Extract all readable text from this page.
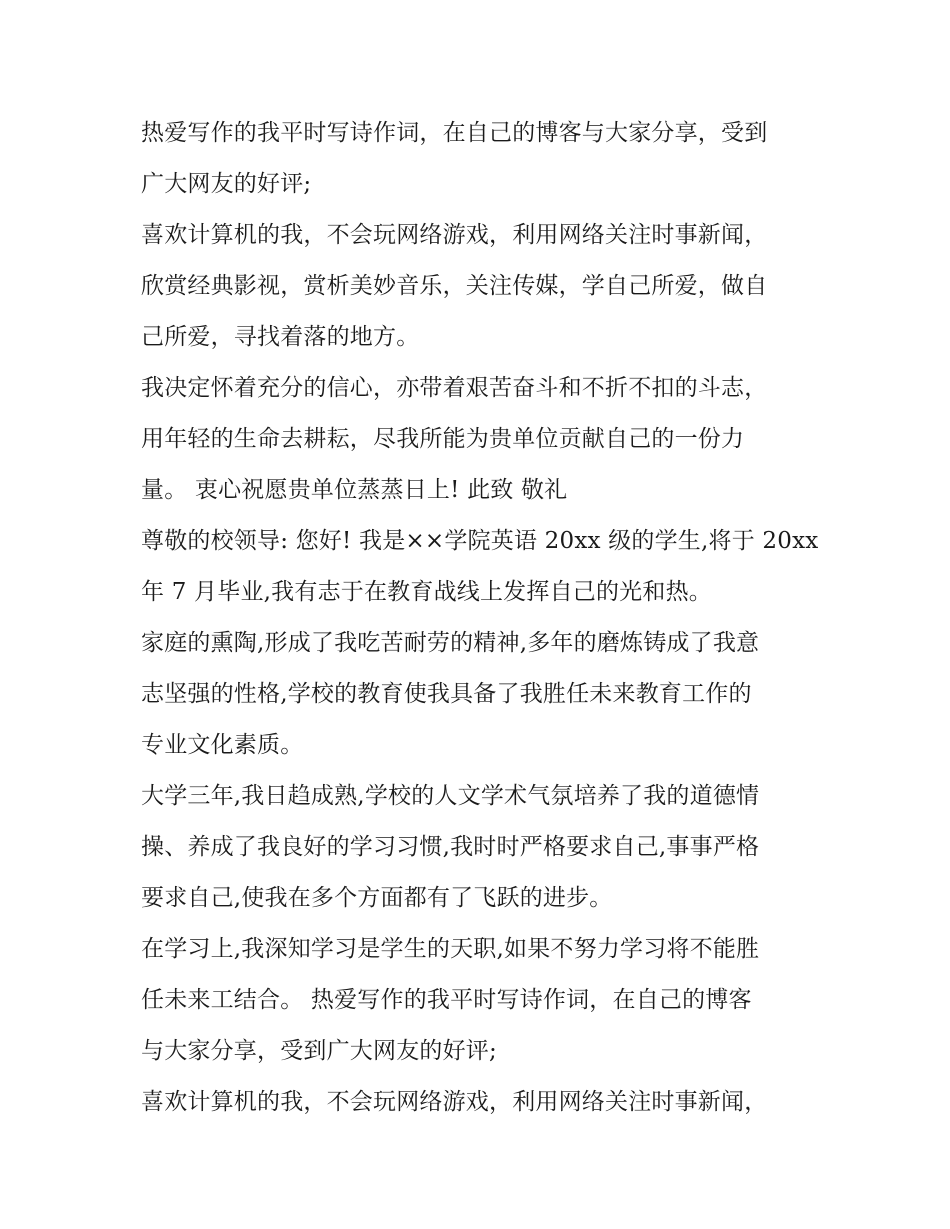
热爱写作的我平时写诗作词，在自己的博客与大家分享，受到
广大网友的好评;
喜欢计算机的我，不会玩网络游戏，利用网络关注时事新闻，
欣赏经典影视，赏析美妙音乐，关注传媒，学自己所爱，做自
己所爱，寻找着落的地方。
我决定怀着充分的信心，亦带着艰苦奋斗和不折不扣的斗志，
用年轻的生命去耕耘，尽我所能为贵单位贡献自己的一份力
量。 衷心祝愿贵单位蒸蒸日上! 此致 敬礼
尊敬的校领导: 您好! 我是××学院英语 20xx 级的学生,将于 20xx
年 7 月毕业,我有志于在教育战线上发挥自己的光和热。
家庭的熏陶,形成了我吃苦耐劳的精神,多年的磨炼铸成了我意
志坚强的性格,学校的教育使我具备了我胜任未来教育工作的
专业文化素质。
大学三年,我日趋成熟,学校的人文学术气氛培养了我的道德情
操、养成了我良好的学习习惯,我时时严格要求自己,事事严格
要求自己,使我在多个方面都有了飞跃的进步。
在学习上,我深知学习是学生的天职,如果不努力学习将不能胜
任未来工结合。 热爱写作的我平时写诗作词，在自己的博客
与大家分享，受到广大网友的好评;
喜欢计算机的我，不会玩网络游戏，利用网络关注时事新闻，
